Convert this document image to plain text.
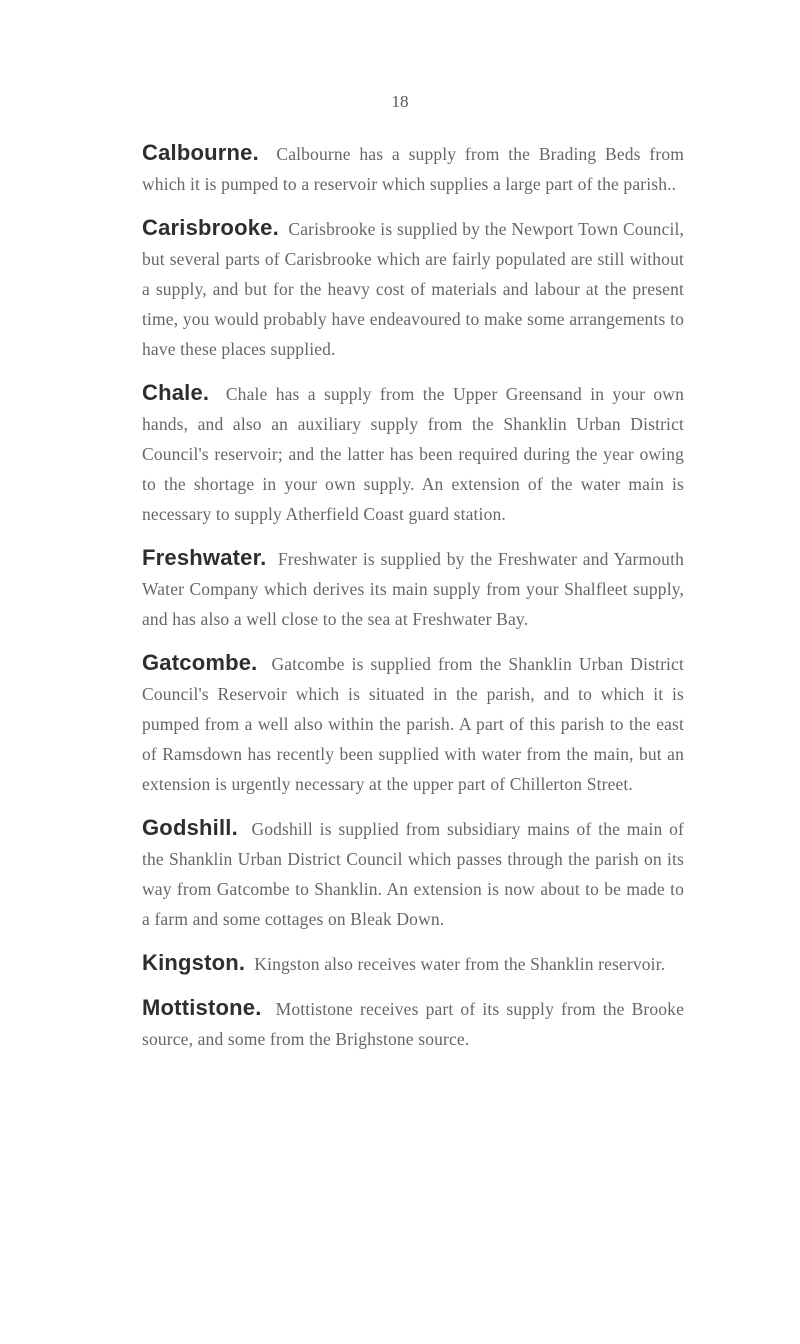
18

Calbourne. Calbourne has a supply from the Brading Beds from which it is pumped to a reservoir which supplies a large part of the parish..

Carisbrooke. Carisbrooke is supplied by the Newport Town Council, but several parts of Carisbrooke which are fairly populated are still without a supply, and but for the heavy cost of materials and labour at the present time, you would probably have endeavoured to make some arrangements to have these places supplied.

Chale. Chale has a supply from the Upper Greensand in your own hands, and also an auxiliary supply from the Shanklin Urban District Council's reservoir; and the latter has been required during the year owing to the shortage in your own supply. An extension of the water main is necessary to supply Atherfield Coast guard station.

Freshwater. Freshwater is supplied by the Freshwater and Yarmouth Water Company which derives its main supply from your Shalfleet supply, and has also a well close to the sea at Freshwater Bay.

Gatcombe. Gatcombe is supplied from the Shanklin Urban District Council's Reservoir which is situated in the parish, and to which it is pumped from a well also within the parish. A part of this parish to the east of Ramsdown has recently been supplied with water from the main, but an extension is urgently necessary at the upper part of Chillerton Street.

Godshill. Godshill is supplied from subsidiary mains of the main of the Shanklin Urban District Council which passes through the parish on its way from Gatcombe to Shanklin. An extension is now about to be made to a farm and some cottages on Bleak Down.

Kingston. Kingston also receives water from the Shanklin reservoir.

Mottistone. Mottistone receives part of its supply from the Brooke source, and some from the Brighstone source.
